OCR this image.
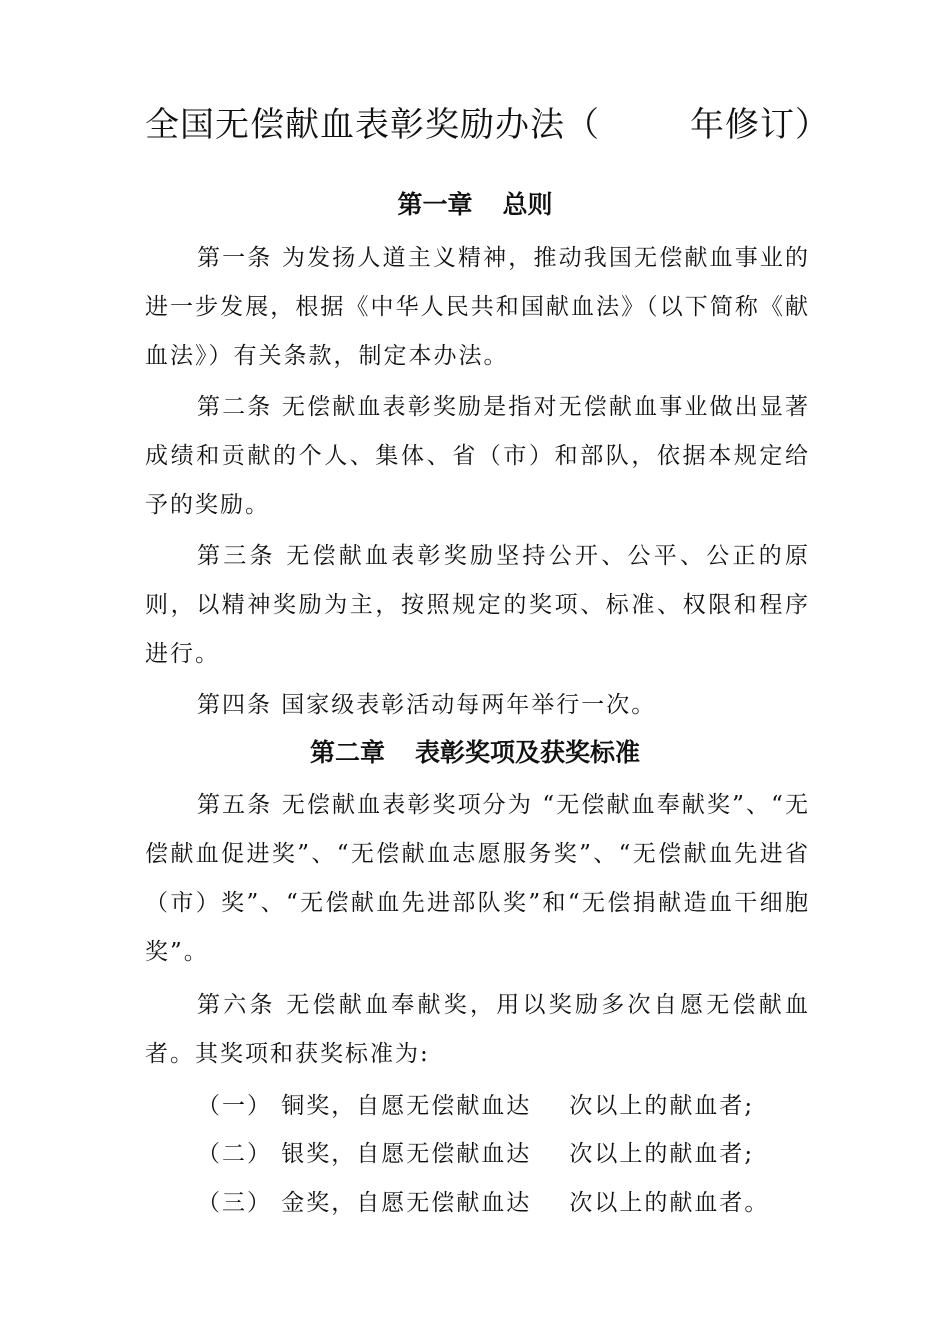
全国无偿献血表彰奖励办法（	年修订）
第一章 总则

第一条 为发扬人道主义精神，推动我国无偿献血事业的进一步发展，根据《中华人民共和国献血法》（以下简称《献血法》）有关条款，制定本办法。

第二条 无偿献血表彰奖励是指对无偿献血事业做出显著成绩和贡献的个人、集体、省（市）和部队，依据本规定给予的奖励。

第三条 无偿献血表彰奖励坚持公开、公平、公正的原则，以精神奖励为主，按照规定的奖项、标准、权限和程序进行。

第四条 国家级表彰活动每两年举行一次。

第二章 表彰奖项及获奖标准

第五条 无偿献血表彰奖项分为 “无偿献血奉献奖”、“无偿献血促进奖”、“无偿献血志愿服务奖”、“无偿献血先进省（市）奖”、“无偿献血先进部队奖”和“无偿捐献造血干细胞奖”。

第六条 无偿献血奉献奖，用以奖励多次自愿无偿献血者。其奖项和获奖标准为:

（一） 铜奖，自愿无偿献血达 次以上的献血者;
（二） 银奖，自愿无偿献血达 次以上的献血者;
（三） 金奖，自愿无偿献血达 次以上的献血者。
